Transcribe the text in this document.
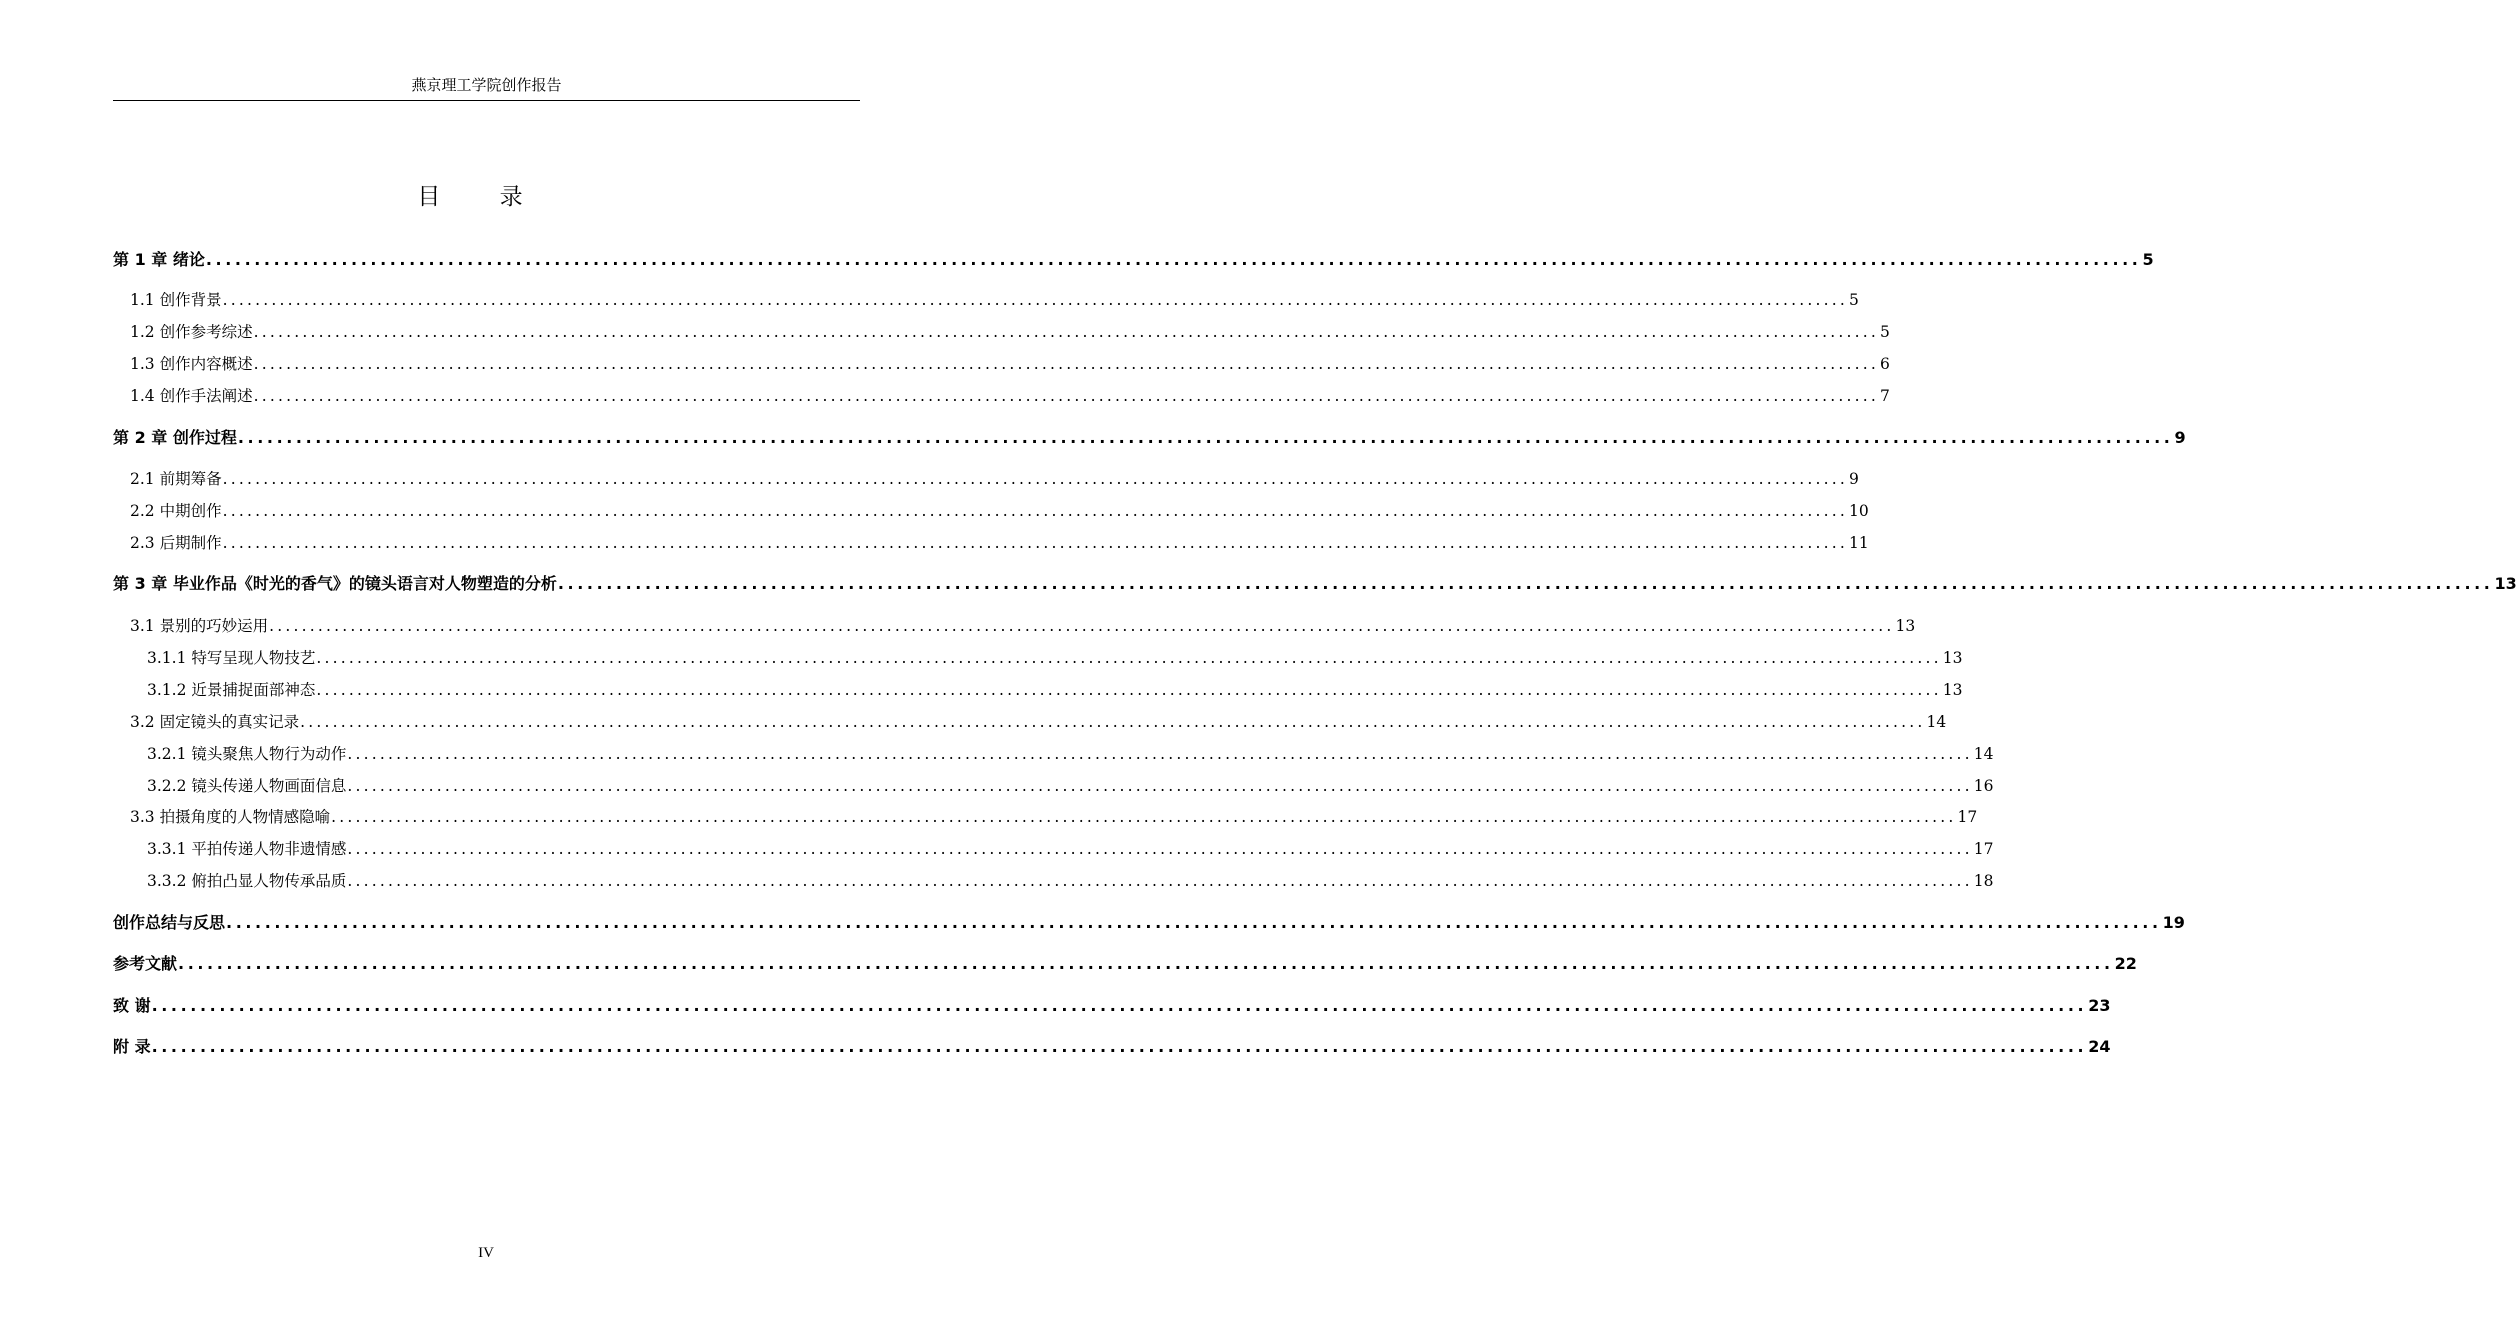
燕京理工学院创作报告
目 录
第 1 章 绪论 ........................................................................................................................................................................................................ 5
1.1 创作背景 ........................................................................................................................................................................................................ 5
1.2 创作参考综述 ........................................................................................................................................................................................................ 5
1.3 创作内容概述 ........................................................................................................................................................................................................ 6
1.4 创作手法阐述 ........................................................................................................................................................................................................ 7
第 2 章 创作过程 ........................................................................................................................................................................................................ 9
2.1 前期筹备 ........................................................................................................................................................................................................ 9
2.2 中期创作 ........................................................................................................................................................................................................ 10
2.3 后期制作 ........................................................................................................................................................................................................ 11
第 3 章 毕业作品《时光的香气》的镜头语言对人物塑造的分析 ........................................................................................................................................................................................................ 13
3.1 景别的巧妙运用 ........................................................................................................................................................................................................ 13
3.1.1 特写呈现人物技艺 ........................................................................................................................................................................................................ 13
3.1.2 近景捕捉面部神态 ........................................................................................................................................................................................................ 13
3.2 固定镜头的真实记录 ........................................................................................................................................................................................................ 14
3.2.1 镜头聚焦人物行为动作 ........................................................................................................................................................................................................ 14
3.2.2 镜头传递人物画面信息 ........................................................................................................................................................................................................ 16
3.3 拍摄角度的人物情感隐喻 ........................................................................................................................................................................................................ 17
3.3.1 平拍传递人物非遗情感 ........................................................................................................................................................................................................ 17
3.3.2 俯拍凸显人物传承品质 ........................................................................................................................................................................................................ 18
创作总结与反思 ........................................................................................................................................................................................................ 19
参考文献 ........................................................................................................................................................................................................ 22
致 谢 ........................................................................................................................................................................................................ 23
附 录 ........................................................................................................................................................................................................ 24
IV
